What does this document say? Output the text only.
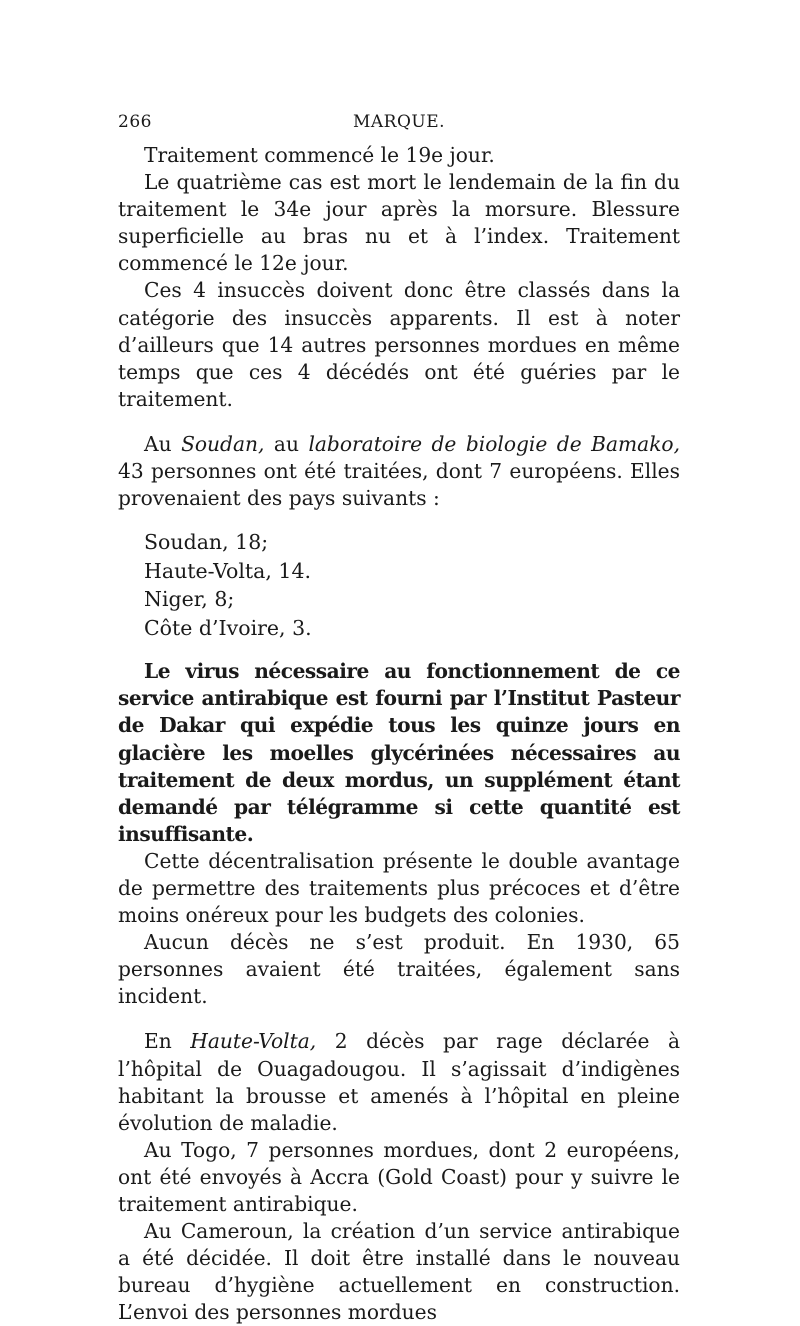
266	MARQUE.

Traitement commencé le 19e jour.

Le quatrième cas est mort le lendemain de la fin du traitement le 34e jour après la morsure. Blessure superficielle au bras nu et à l’index. Traitement commencé le 12e jour.

Ces 4 insuccès doivent donc être classés dans la catégorie des insuccès apparents. Il est à noter d’ailleurs que 14 autres personnes mordues en même temps que ces 4 décédés ont été guéries par le traitement.

Au Soudan, au laboratoire de biologie de Bamako, 43 personnes ont été traitées, dont 7 européens. Elles provenaient des pays suivants :

Soudan, 18;

Haute-Volta, 14.

Niger, 8;

Côte d’Ivoire, 3.

Le virus nécessaire au fonctionnement de ce service antirabique est fourni par l’Institut Pasteur de Dakar qui expédie tous les quinze jours en glacière les moelles glycérinées nécessaires au traitement de deux mordus, un supplément étant demandé par télégramme si cette quantité est insuffisante.

Cette décentralisation présente le double avantage de permettre des traitements plus précoces et d’être moins onéreux pour les budgets des colonies.

Aucun décès ne s’est produit. En 1930, 65 personnes avaient été traitées, également sans incident.

En Haute-Volta, 2 décès par rage déclarée à l’hôpital de Ouagadougou. Il s’agissait d’indigènes habitant la brousse et amenés à l’hôpital en pleine évolution de maladie.

Au Togo, 7 personnes mordues, dont 2 européens, ont été envoyés à Accra (Gold Coast) pour y suivre le traitement antirabique.

Au Cameroun, la création d’un service antirabique a été décidée. Il doit être installé dans le nouveau bureau d’hygiène actuellement en construction. L’envoi des personnes mordues
